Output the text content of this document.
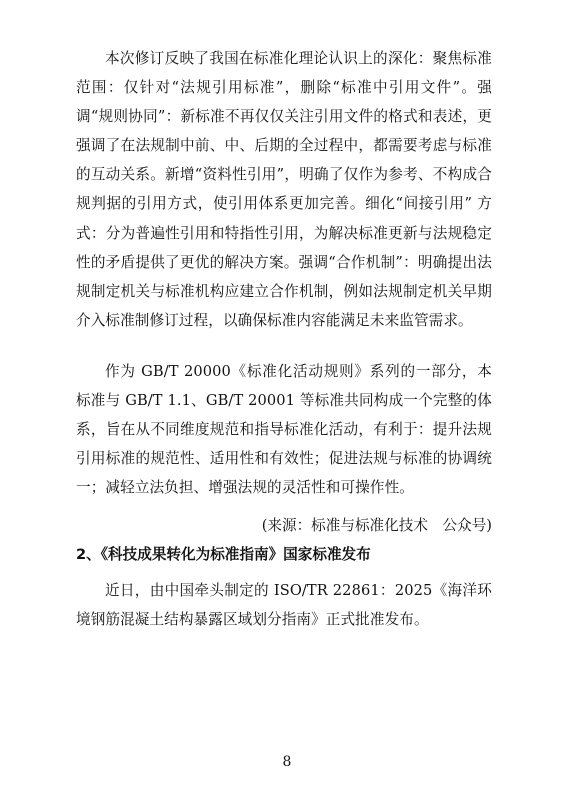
本次修订反映了我国在标准化理论认识上的深化：聚焦标准范围：仅针对“法规引用标准”，删除“标准中引用文件”。强调“规则协同”：新标准不再仅仅关注引用文件的格式和表述，更强调了在法规制中前、中、后期的全过程中，都需要考虑与标准的互动关系。新增“资料性引用”，明确了仅作为参考、不构成合规判据的引用方式，使引用体系更加完善。细化“间接引用” 方式：分为普遍性引用和特指性引用，为解决标准更新与法规稳定性的矛盾提供了更优的解决方案。强调“合作机制”：明确提出法规制定机关与标准机构应建立合作机制，例如法规制定机关早期介入标准制修订过程，以确保标准内容能满足未来监管需求。

作为 GB/T 20000《标准化活动规则》系列的一部分，本标准与 GB/T 1.1、GB/T 20001 等标准共同构成一个完整的体系，旨在从不同维度规范和指导标准化活动，有利于：提升法规引用标准的规范性、适用性和有效性；促进法规与标准的协调统一；减轻立法负担、增强法规的灵活性和可操作性。

(来源：标准与标准化技术　公众号)

2、《科技成果转化为标准指南》国家标准发布

近日，由中国牵头制定的 ISO/TR 22861：2025《海洋环境钢筋混凝土结构暴露区域划分指南》正式批准发布。

8
